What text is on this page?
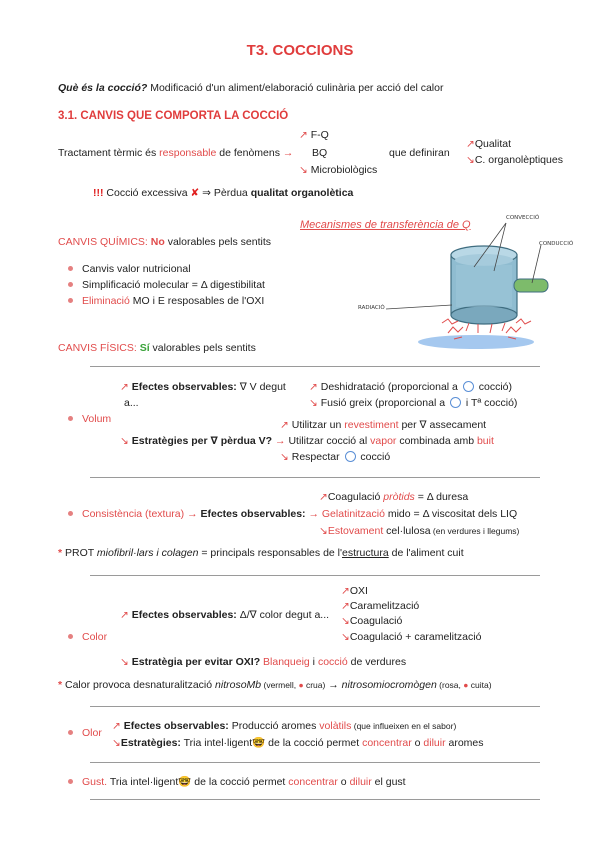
T3. COCCIONS
Què és la cocció? Modificació d'un aliment/elaboració culinària per acció del calor
3.1. CANVIS QUE COMPORTA LA COCCIÓ
Tractament tèrmic és responsable de fenòmens →
↗ F-Q
BQ
↘ Microbiològics
que definiran
↗Qualitat
↘C. organolèptiques
!!! Cocció excessiva ✘ ⇒ Pèrdua qualitat organolètica
Mecanismes de transferència de Q
CONVECCIÓ
CONDUCCIÓ
RADIACIÓ
CANVIS QUÍMICS: No valorables pels sentits
Canvis valor nutricional
Simplificació molecular = Δ digestibilitat
Eliminació MO i E resposables de l'OXI
CANVIS FÍSICS: Sí valorables pels sentits
↗ Efectes observables: ∇ V degut
a...
↗ Deshidratació (proporcional a  cocció)
↘ Fusió greix (proporcional a  i Tª cocció)
Volum	↗ Utilitzar un revestiment per ∇ assecament
↘ Estratègies per ∇ pèrdua V? → Utilitzar cocció al vapor combinada amb buit
↘ Respectar  cocció
↗Coagulació pròtids = Δ duresa
Consistència (textura) → Efectes observables: → Gelatinització mido = Δ viscositat dels LIQ
↘Estovament cel·lulosa (en verdures i llegums)
* PROT miofibril·lars i colagen = principals responsables de l'estructura de l'aliment cuit
↗OXI
↗Caramelització
↗ Efectes observables: Δ/∇ color degut a... ↘Coagulació
↘Coagulació + caramelització
Color
↘ Estratègia per evitar OXI? Blanqueig i cocció de verdures
* Calor provoca desnaturalització nitrosoMb (vermell, ● crua) → nitrosomiocromògen (rosa, ● cuita)
↗ Efectes observables: Producció aromes volàtils (que influeixen en el sabor)
Olor
↘Estratègies: Tria intel·ligent🤓 de la cocció permet concentrar o diluir aromes
Gust. Tria intel·ligent🤓 de la cocció permet concentrar o diluir el gust
